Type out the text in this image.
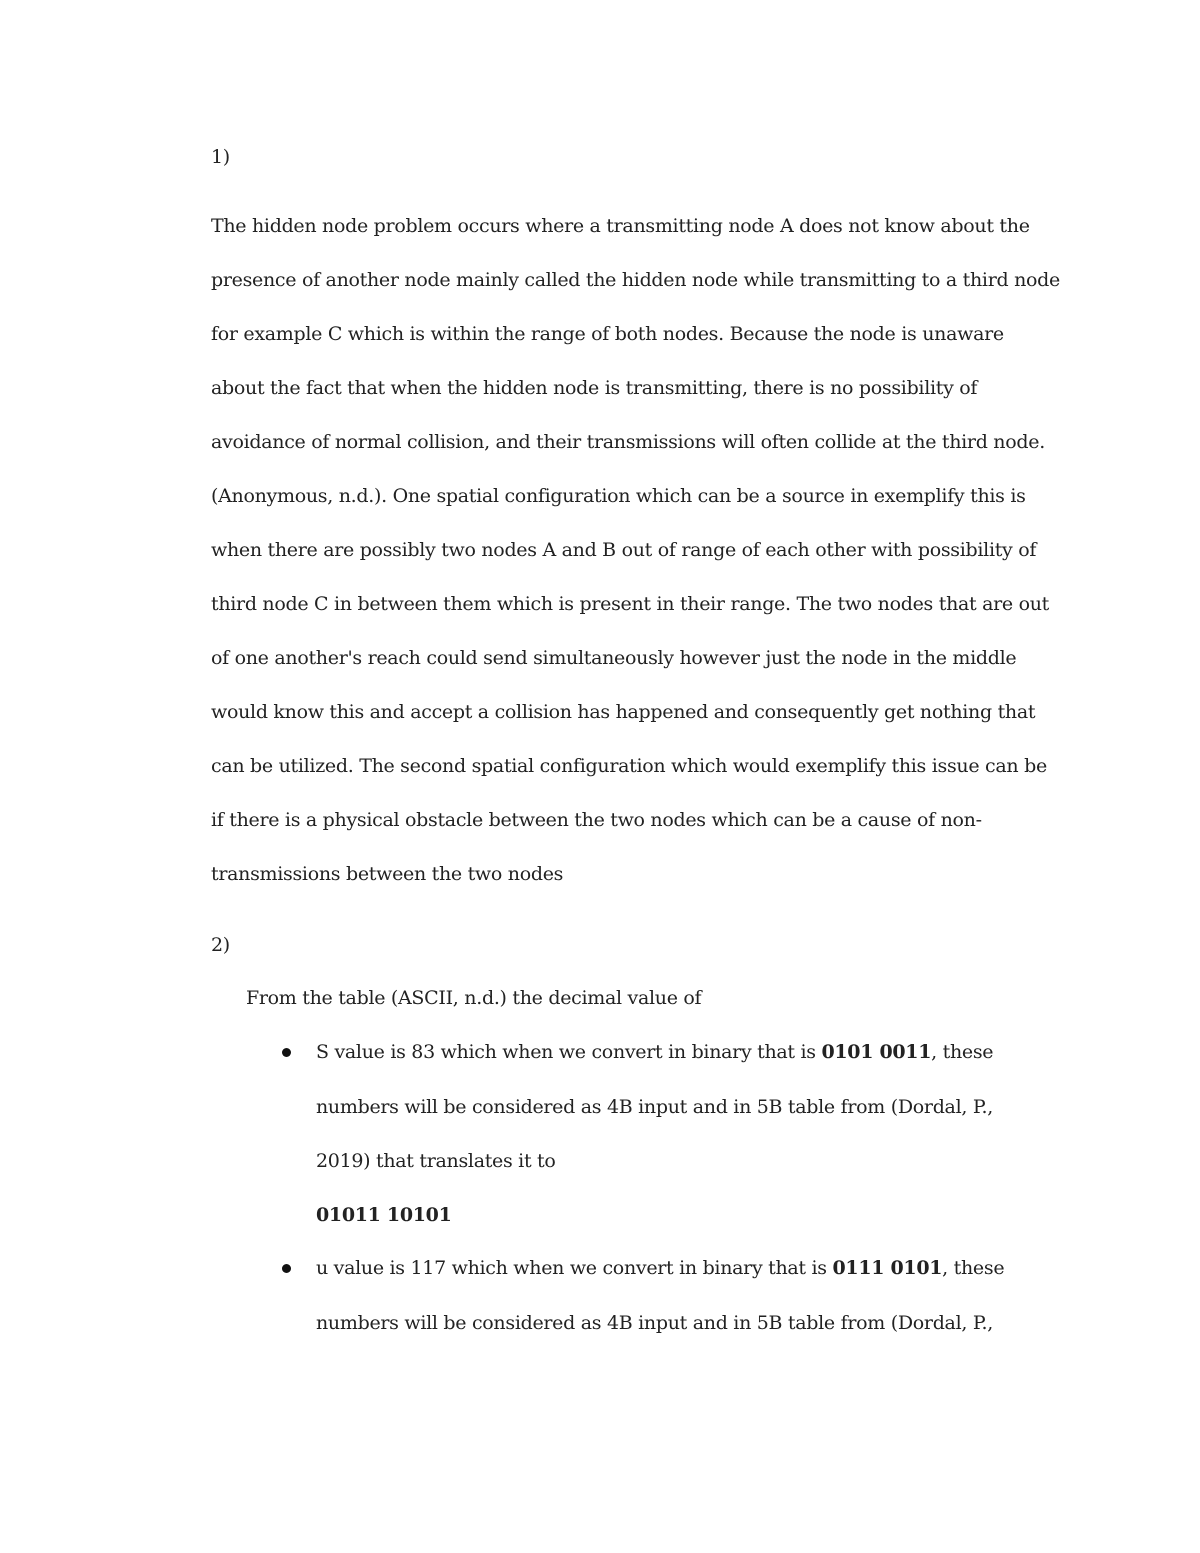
1)
The hidden node problem occurs where a transmitting node A does not know about the
presence of another node mainly called the hidden node while transmitting to a third node
for example C which is within the range of both nodes. Because the node is unaware
about the fact that when the hidden node is transmitting, there is no possibility of
avoidance of normal collision, and their transmissions will often collide at the third node.
(Anonymous, n.d.). One spatial configuration which can be a source in exemplify this is
when there are possibly two nodes A and B out of range of each other with possibility of
third node C in between them which is present in their range. The two nodes that are out
of one another's reach could send simultaneously however just the node in the middle
would know this and accept a collision has happened and consequently get nothing that
can be utilized. The second spatial configuration which would exemplify this issue can be
if there is a physical obstacle between the two nodes which can be a cause of non-
transmissions between the two nodes
2)
From the table (ASCII, n.d.) the decimal value of
S value is 83 which when we convert in binary that is 0101 0011, these
numbers will be considered as 4B input and in 5B table from (Dordal, P.,
2019) that translates it to
01011 10101
u value is 117 which when we convert in binary that is 0111 0101, these
numbers will be considered as 4B input and in 5B table from (Dordal, P.,
